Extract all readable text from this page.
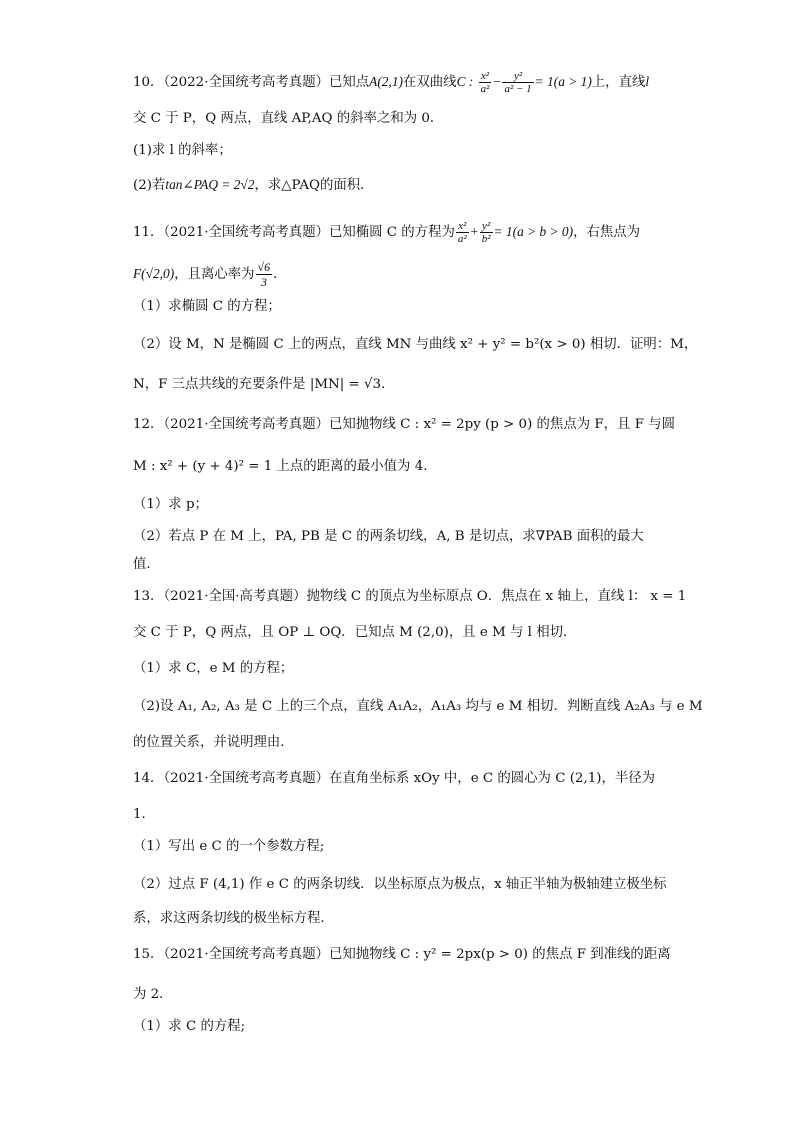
10．（2022·全国统考高考真题）已知点A(2,1)在双曲线C : $\frac{\text{x²}}{\text{a²}} - \frac{\text{y²}}{\text{a² − 1}} = 1(a > 1)$上，直线l
交 C 于 P，Q 两点，直线 AP,AQ 的斜率之和为 0．
(1)求 l 的斜率；
(2)若tan∠PAQ = 2√2，求△PAQ的面积．
11．（2021·全国统考高考真题）已知椭圆 C 的方程为 $\frac{\text{x²}}{\text{a²}} + \frac{\text{y²}}{\text{b²}} = 1(a > b > 0)$，右焦点为
F(√2,0)，且离心率为 $\frac{√6}{3}$ ．
（1）求椭圆 C 的方程；
（2）设 M，N 是椭圆 C 上的两点，直线 MN 与曲线 x² + y² = b²(x > 0) 相切．证明：M，
N，F 三点共线的充要条件是 |MN| = √3．
12．（2021·全国统考高考真题）已知抛物线 C : x² = 2py (p > 0) 的焦点为 F，且 F 与圆
M : x² + (y + 4)² = 1 上点的距离的最小值为 4．
（1）求 p；
（2）若点 P 在 M 上，PA, PB 是 C 的两条切线，A, B 是切点，求∇PAB 面积的最大
值．
13．（2021·全国·高考真题）抛物线 C 的顶点为坐标原点 O．焦点在 x 轴上，直线 l： x = 1
交 C 于 P，Q 两点，且 OP ⊥ OQ．已知点 M (2,0)，且 e M 与 l 相切．
（1）求 C，e M 的方程；
（2)设 A₁, A₂, A₃ 是 C 上的三个点，直线 A₁A₂，A₁A₃ 均与 e M 相切．判断直线 A₂A₃ 与 e M
的位置关系，并说明理由．
14．（2021·全国统考高考真题）在直角坐标系 xOy 中，e C 的圆心为 C (2,1)，半径为
1．
（1）写出 e C 的一个参数方程;
（2）过点 F (4,1) 作 e C 的两条切线．以坐标原点为极点，x 轴正半轴为极轴建立极坐标
系，求这两条切线的极坐标方程．
15．（2021·全国统考高考真题）已知抛物线 C : y² = 2px(p > 0) 的焦点 F 到准线的距离
为 2．
（1）求 C 的方程;
